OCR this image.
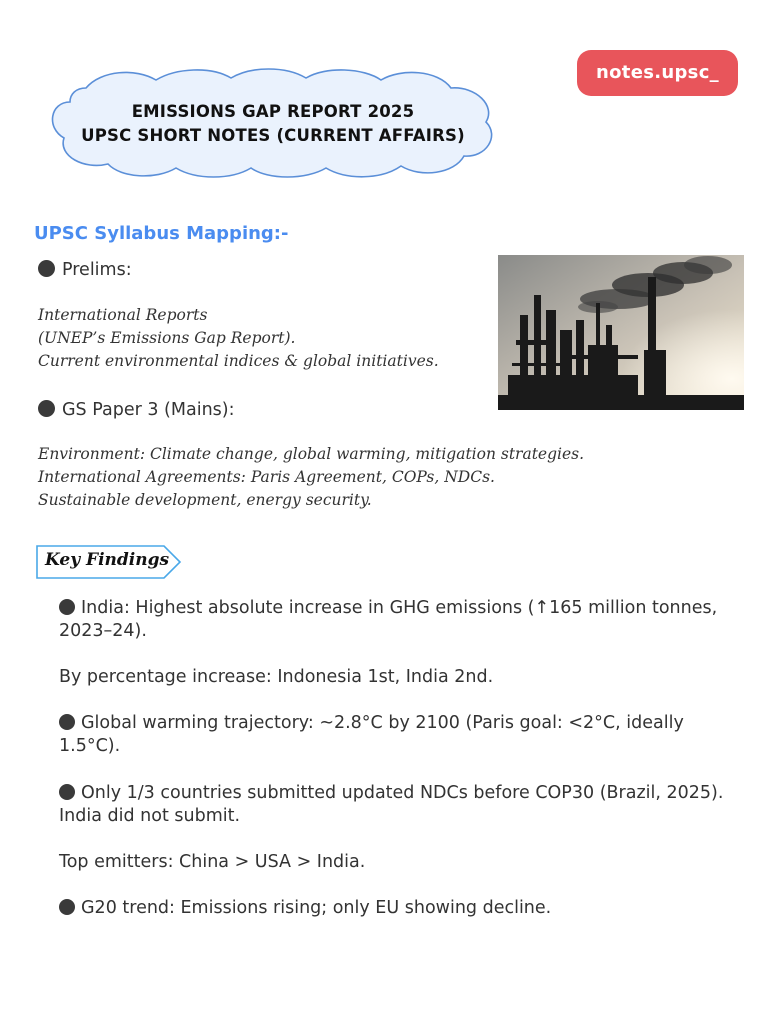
notes.upsc_
EMISSIONS GAP REPORT 2025
UPSC SHORT NOTES (CURRENT AFFAIRS)
UPSC Syllabus Mapping:-
Prelims:
International Reports
(UNEP’s Emissions Gap Report).
Current environmental indices & global initiatives.
GS Paper 3 (Mains):
Environment: Climate change, global warming, mitigation strategies.
International Agreements: Paris Agreement, COPs, NDCs.
Sustainable development, energy security.
Key Findings
India: Highest absolute increase in GHG emissions (↑165 million tonnes, 2023–24).
By percentage increase: Indonesia 1st, India 2nd.
Global warming trajectory: ~2.8°C by 2100 (Paris goal: <2°C, ideally 1.5°C).
Only 1/3 countries submitted updated NDCs before COP30 (Brazil, 2025). India did not submit.
Top emitters: China > USA > India.
G20 trend: Emissions rising; only EU showing decline.
